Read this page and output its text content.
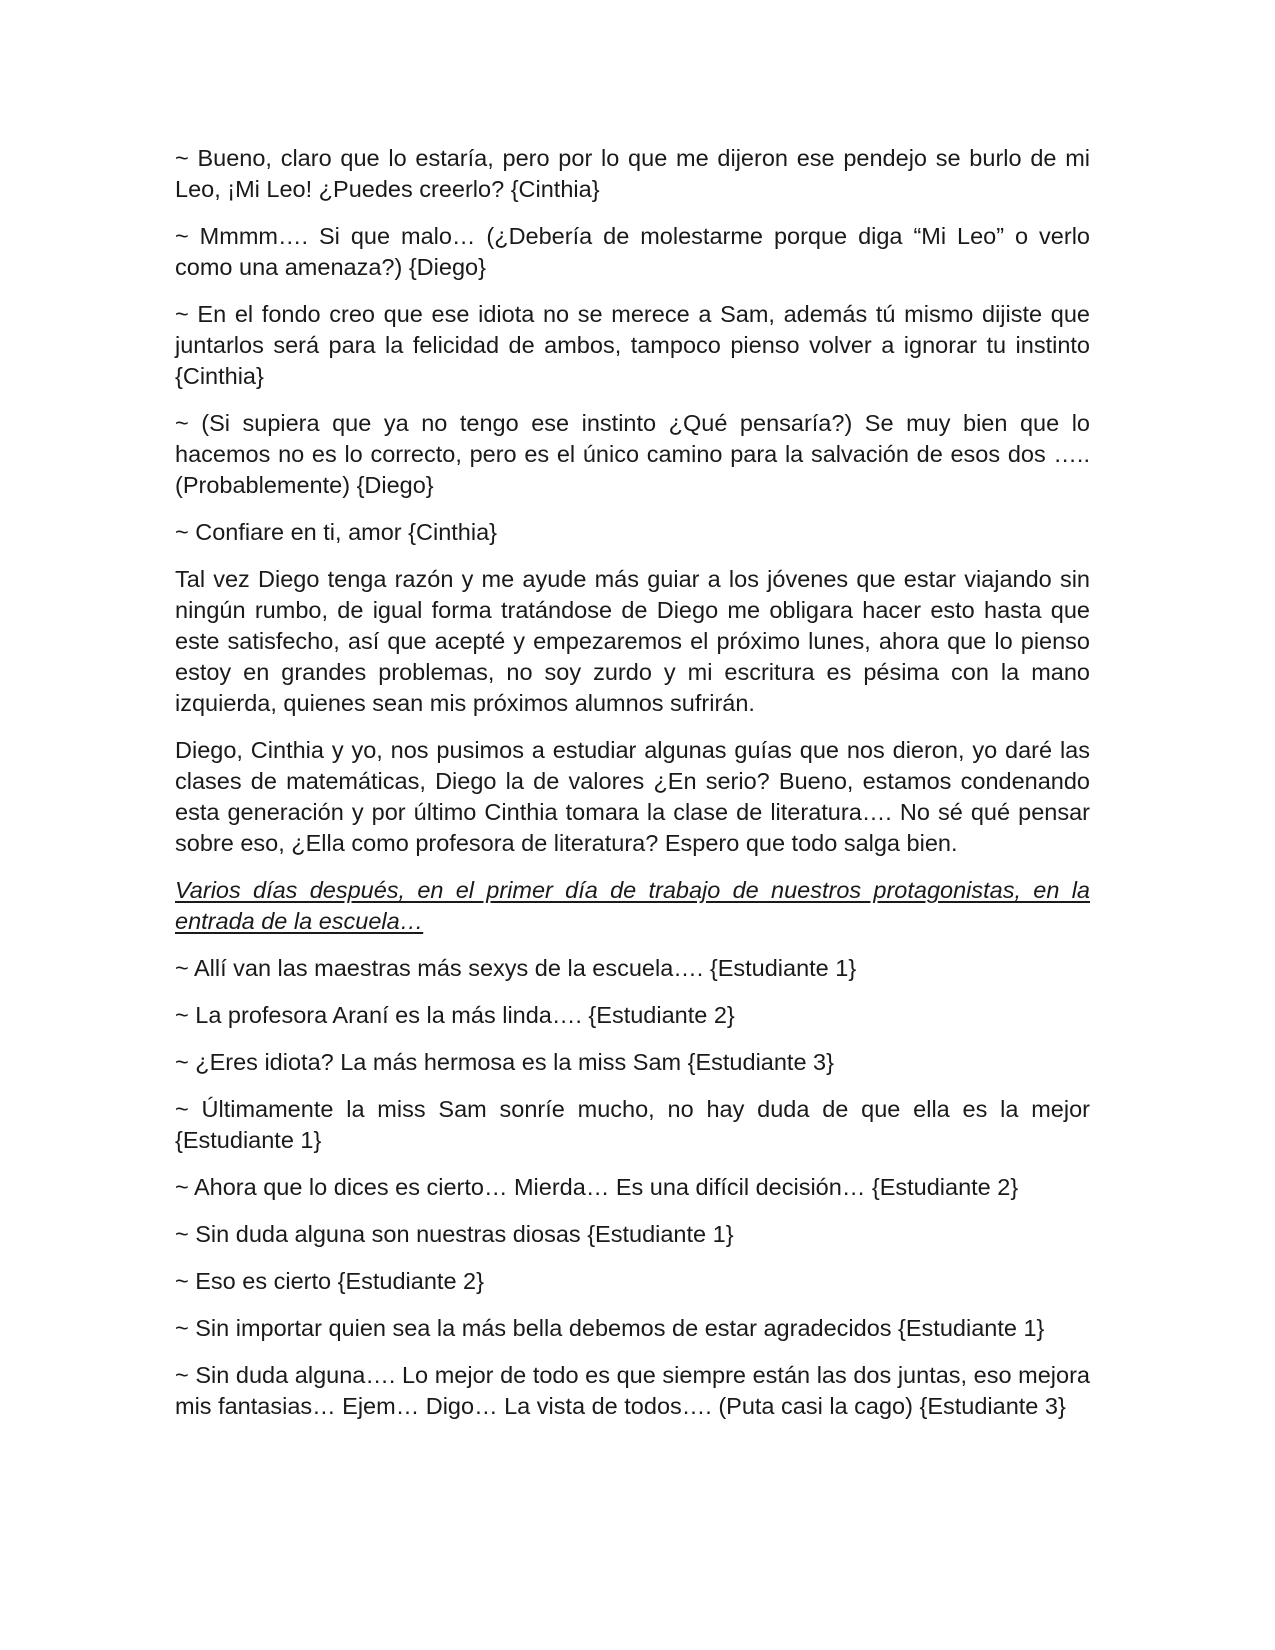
~ Bueno, claro que lo estaría, pero por lo que me dijeron ese pendejo se burlo de mi Leo, ¡Mi Leo! ¿Puedes creerlo? {Cinthia}

~ Mmmm…. Si que malo… (¿Debería de molestarme porque diga “Mi Leo” o verlo como una amenaza?) {Diego}

~ En el fondo creo que ese idiota no se merece a Sam, además tú mismo dijiste que juntarlos será para la felicidad de ambos, tampoco pienso volver a ignorar tu instinto {Cinthia}

~ (Si supiera que ya no tengo ese instinto ¿Qué pensaría?) Se muy bien que lo hacemos no es lo correcto, pero es el único camino para la salvación de esos dos ….. (Probablemente) {Diego}

~ Confiare en ti, amor {Cinthia}

Tal vez Diego tenga razón y me ayude más guiar a los jóvenes que estar viajando sin ningún rumbo, de igual forma tratándose de Diego me obligara hacer esto hasta que este satisfecho, así que acepté y empezaremos el próximo lunes, ahora que lo pienso estoy en grandes problemas, no soy zurdo y mi escritura es pésima con la mano izquierda, quienes sean mis próximos alumnos sufrirán.

Diego, Cinthia y yo, nos pusimos a estudiar algunas guías que nos dieron, yo daré las clases de matemáticas, Diego la de valores ¿En serio? Bueno, estamos condenando esta generación y por último Cinthia tomara la clase de literatura…. No sé qué pensar sobre eso, ¿Ella como profesora de literatura? Espero que todo salga bien.

Varios días después, en el primer día de trabajo de nuestros protagonistas, en la entrada de la escuela…

~ Allí van las maestras más sexys de la escuela…. {Estudiante 1}

~ La profesora Araní es la más linda…. {Estudiante 2}

~ ¿Eres idiota? La más hermosa es la miss Sam {Estudiante 3}

~ Últimamente la miss Sam sonríe mucho, no hay duda de que ella es la mejor {Estudiante 1}

~ Ahora que lo dices es cierto… Mierda… Es una difícil decisión… {Estudiante 2}

~ Sin duda alguna son nuestras diosas {Estudiante 1}

~ Eso es cierto {Estudiante 2}

~ Sin importar quien sea la más bella debemos de estar agradecidos {Estudiante 1}

~ Sin duda alguna…. Lo mejor de todo es que siempre están las dos juntas, eso mejora mis fantasias… Ejem… Digo… La vista de todos…. (Puta casi la cago) {Estudiante 3}
